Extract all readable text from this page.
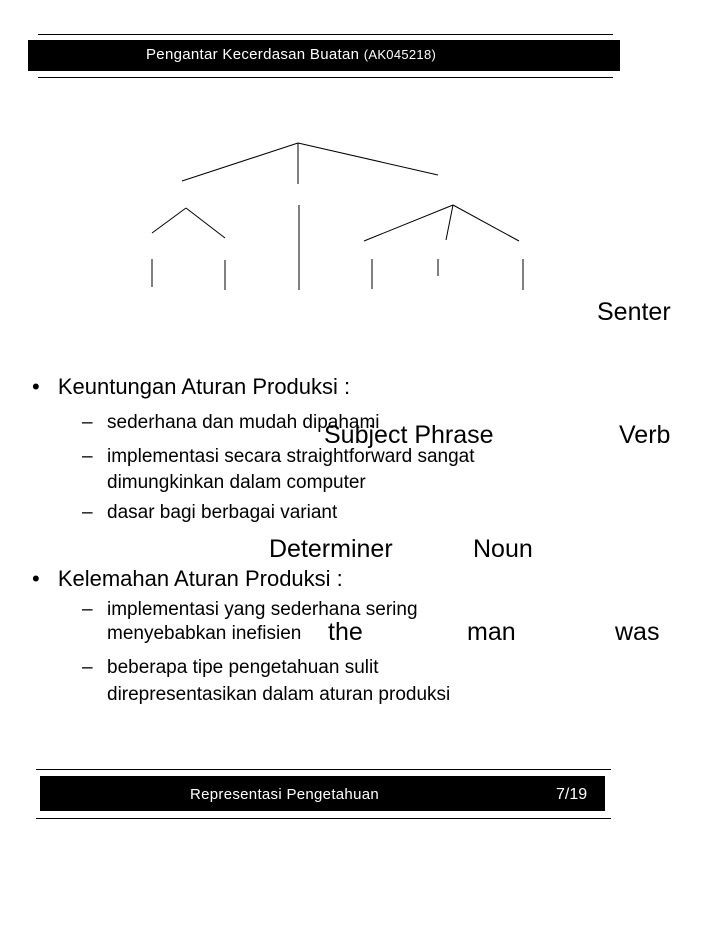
Pengantar Kecerdasan Buatan (AK045218)
• Keuntungan Aturan Produksi :
– sederhana dan mudah dipahami
– implementasi secara straightforward sangat
dimungkinkan dalam computer
– dasar bagi berbagai variant
• Kelemahan Aturan Produksi :
– implementasi yang sederhana sering
menyebabkan inefisien
– beberapa tipe pengetahuan sulit
direpresentasikan dalam aturan produksi
Senter
Subject Phrase	Verb
Determiner	Noun
the	man	was
Representasi Pengetahuan	7/19
